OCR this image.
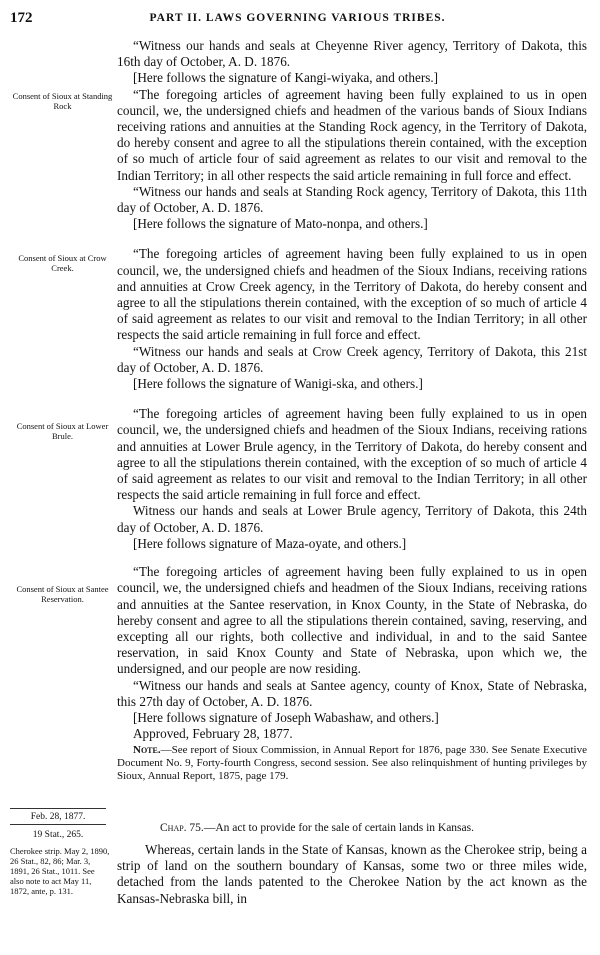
172	PART II. LAWS GOVERNING VARIOUS TRIBES.
Consent of Sioux at Standing Rock
Consent of Sioux at Crow Creek.
Consent of Sioux at Lower Brule.
Consent of Sioux at Santee Reservation.

“Witness our hands and seals at Cheyenne River agency, Territory of Dakota, this 16th day of October, A. D. 1876.

[Here follows the signature of Kangi-wiyaka, and others.]

“The foregoing articles of agreement having been fully explained to us in open council, we, the undersigned chiefs and headmen of the various bands of Sioux Indians receiving rations and annuities at the Standing Rock agency, in the Territory of Dakota, do hereby consent and agree to all the stipulations therein contained, with the exception of so much of article four of said agreement as relates to our visit and removal to the Indian Territory; in all other respects the said article remaining in full force and effect.

“Witness our hands and seals at Standing Rock agency, Territory of Dakota, this 11th day of October, A. D. 1876.

[Here follows the signature of Mato-nonpa, and others.]

“The foregoing articles of agreement having been fully explained to us in open council, we, the undersigned chiefs and headmen of the Sioux Indians, receiving rations and annuities at Crow Creek agency, in the Territory of Dakota, do hereby consent and agree to all the stipulations therein contained, with the exception of so much of article 4 of said agreement as relates to our visit and removal to the Indian Territory; in all other respects the said article remaining in full force and effect.

“Witness our hands and seals at Crow Creek agency, Territory of Dakota, this 21st day of October, A. D. 1876.

[Here follows the signature of Wanigi-ska, and others.]

“The foregoing articles of agreement having been fully explained to us in open council, we, the undersigned chiefs and headmen of the Sioux Indians, receiving rations and annuities at Lower Brule agency, in the Territory of Dakota, do hereby consent and agree to all the stipulations therein contained, with the exception of so much of article 4 of said agreement as relates to our visit and removal to the Indian Territory; in all other respects the said article remaining in full force and effect.

Witness our hands and seals at Lower Brule agency, Territory of Dakota, this 24th day of October, A. D. 1876.

[Here follows signature of Maza-oyate, and others.]

“The foregoing articles of agreement having been fully explained to us in open council, we, the undersigned chiefs and headmen of the Sioux Indians, receiving rations and annuities at the Santee reservation, in Knox County, in the State of Nebraska, do hereby consent and agree to all the stipulations therein contained, saving, reserving, and excepting all our rights, both collective and individual, in and to the said Santee reservation, in said Knox County and State of Nebraska, upon which we, the undersigned, and our people are now residing.

“Witness our hands and seals at Santee agency, county of Knox, State of Nebraska, this 27th day of October, A. D. 1876.

[Here follows signature of Joseph Wabashaw, and others.]

Approved, February 28, 1877.

Note.—See report of Sioux Commission, in Annual Report for 1876, page 330. See Senate Executive Document No. 9, Forty-fourth Congress, second session. See also relinquishment of hunting privileges by Sioux, Annual Report, 1875, page 179.

Feb. 28, 1877.
19 Stat., 265.
Chap. 75.—An act to provide for the sale of certain lands in Kansas.
Cherokee strip. May 2, 1890, 26 Stat., 82, 86; Mar. 3, 1891, 26 Stat., 1011. See also note to act May 11, 1872, ante, p. 131.

Whereas, certain lands in the State of Kansas, known as the Cherokee strip, being a strip of land on the southern boundary of Kansas, some two or three miles wide, detached from the lands patented to the Cherokee Nation by the act known as the Kansas-Nebraska bill, in
